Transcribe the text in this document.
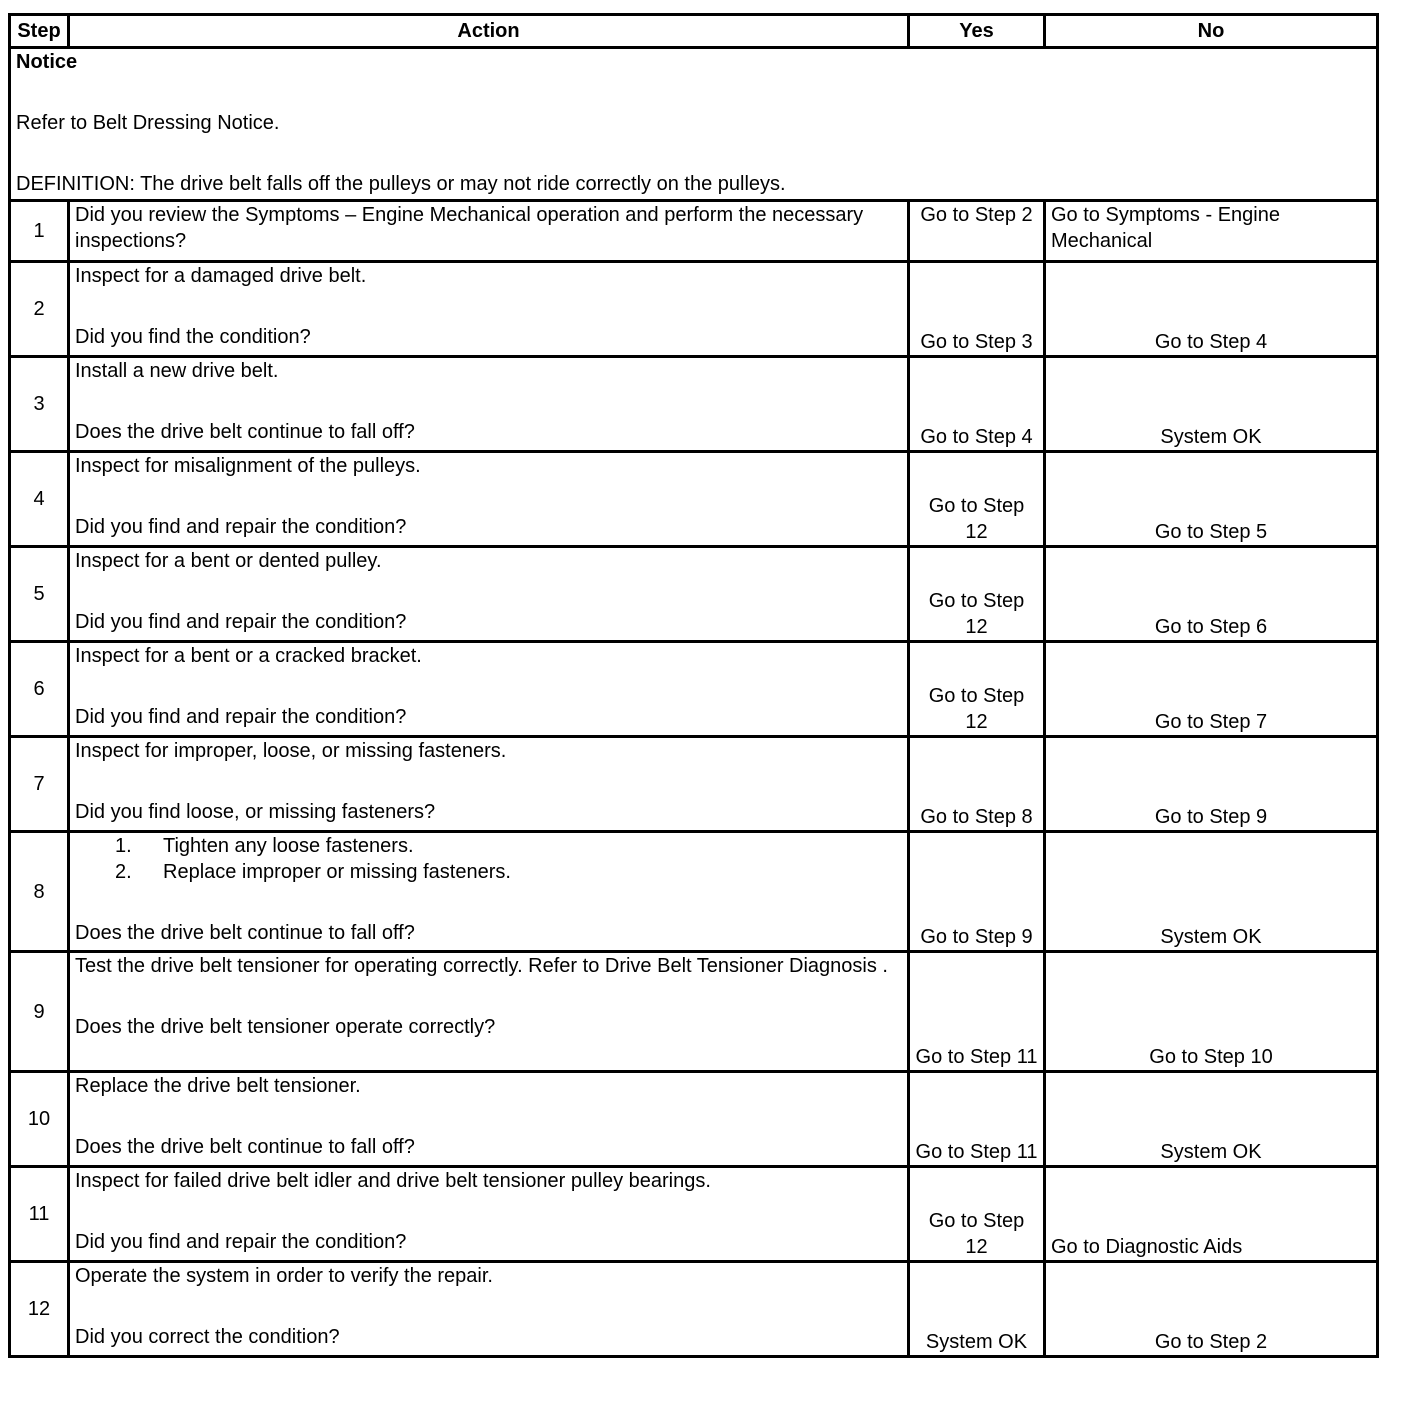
Step	Action	Yes	No

Notice
Refer to Belt Dressing Notice.
DEFINITION: The drive belt falls off the pulleys or may not ride correctly on the pulleys.			

1	Did you review the Symptoms – Engine Mechanical operation and perform the necessary inspections?	Go to Step 2	Go to Symptoms - Engine Mechanical
2	Inspect for a damaged drive belt.
Did you find the condition?	Go to Step 3	Go to Step 4
3	Install a new drive belt.
Does the drive belt continue to fall off?	Go to Step 4	System OK
4	Inspect for misalignment of the pulleys.
Did you find and repair the condition?	Go to Step 12	Go to Step 5
5	Inspect for a bent or dented pulley.
Did you find and repair the condition?	Go to Step 12	Go to Step 6
6	Inspect for a bent or a cracked bracket.
Did you find and repair the condition?	Go to Step 12	Go to Step 7
7	Inspect for improper, loose, or missing fasteners.
Did you find loose, or missing fasteners?	Go to Step 8	Go to Step 9
8	1. Tighten any loose fasteners.
2. Replace improper or missing fasteners.
Does the drive belt continue to fall off?	Go to Step 9	System OK
9	Test the drive belt tensioner for operating correctly. Refer to Drive Belt Tensioner Diagnosis .
Does the drive belt tensioner operate correctly?	Go to Step 11	Go to Step 10
10	Replace the drive belt tensioner.
Does the drive belt continue to fall off?	Go to Step 11	System OK
11	Inspect for failed drive belt idler and drive belt tensioner pulley bearings.
Did you find and repair the condition?	Go to Step 12	Go to Diagnostic Aids
12	Operate the system in order to verify the repair.
Did you correct the condition?	System OK	Go to Step 2
